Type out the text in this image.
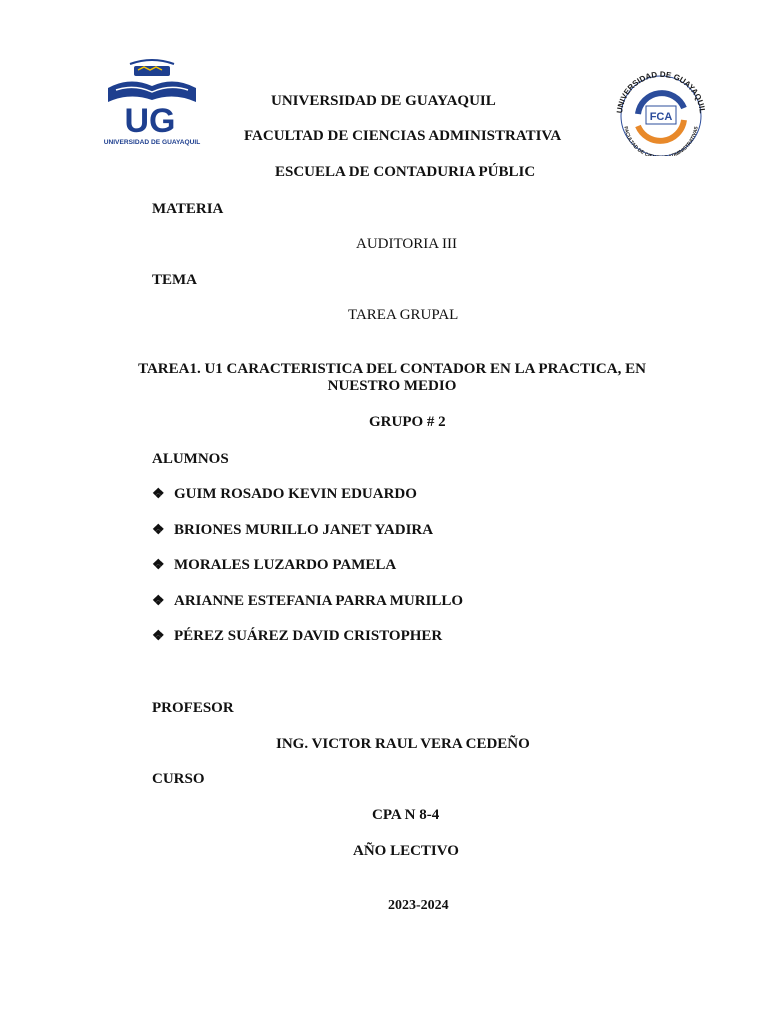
UG
UNIVERSIDAD DE GUAYAQUIL
UNIVERSIDAD DE GUAYAQUIL
FACULTAD DE CI DMINISTRATIVAS
FCA
UNIVERSIDAD DE GUAYAQUIL
FACULTAD DE CIENCIAS ADMINISTRATIVA
ESCUELA DE CONTADURIA PÚBLIC
MATERIA
AUDITORIA III
TEMA
TAREA GRUPAL
TAREA1. U1 CARACTERISTICA DEL CONTADOR EN LA PRACTICA, EN
NUESTRO MEDIO
GRUPO # 2
ALUMNOS
❖ GUIM ROSADO KEVIN EDUARDO
❖ BRIONES MURILLO JANET YADIRA
❖ MORALES LUZARDO PAMELA
❖ ARIANNE ESTEFANIA PARRA MURILLO
❖ PÉREZ SUÁREZ DAVID CRISTOPHER
PROFESOR
ING. VICTOR RAUL VERA CEDEÑO
CURSO
CPA N 8-4
AÑO LECTIVO
2023-2024
